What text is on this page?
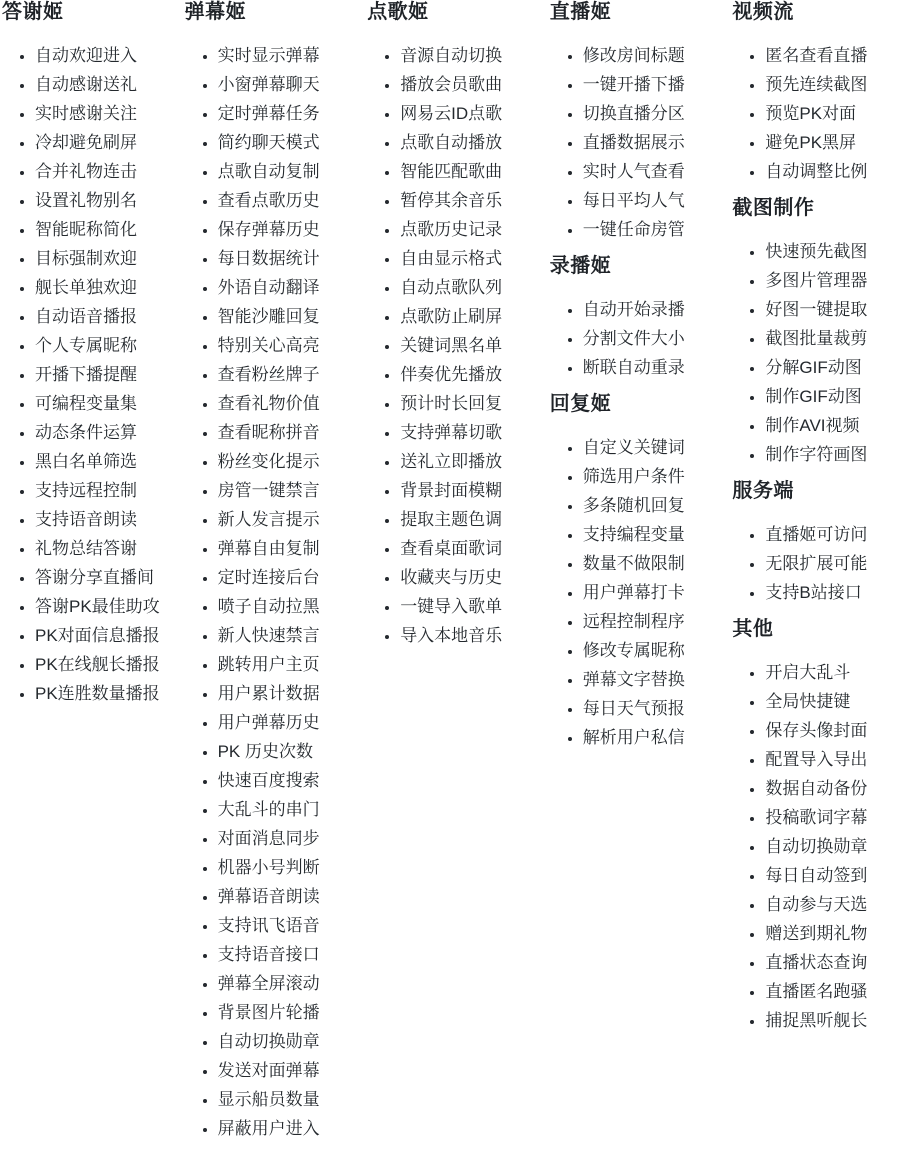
答谢姬
• 自动欢迎进入
• 自动感谢送礼
• 实时感谢关注
• 冷却避免刷屏
• 合并礼物连击
• 设置礼物别名
• 智能昵称简化
• 目标强制欢迎
• 舰长单独欢迎
• 自动语音播报
• 个人专属昵称
• 开播下播提醒
• 可编程变量集
• 动态条件运算
• 黑白名单筛选
• 支持远程控制
• 支持语音朗读
• 礼物总结答谢
• 答谢分享直播间
• 答谢PK最佳助攻
• PK对面信息播报
• PK在线舰长播报
• PK连胜数量播报
弹幕姬
• 实时显示弹幕
• 小窗弹幕聊天
• 定时弹幕任务
• 简约聊天模式
• 点歌自动复制
• 查看点歌历史
• 保存弹幕历史
• 每日数据统计
• 外语自动翻译
• 智能沙雕回复
• 特别关心高亮
• 查看粉丝牌子
• 查看礼物价值
• 查看昵称拼音
• 粉丝变化提示
• 房管一键禁言
• 新人发言提示
• 弹幕自由复制
• 定时连接后台
• 喷子自动拉黑
• 新人快速禁言
• 跳转用户主页
• 用户累计数据
• 用户弹幕历史
• PK 历史次数
• 快速百度搜索
• 大乱斗的串门
• 对面消息同步
• 机器小号判断
• 弹幕语音朗读
• 支持讯飞语音
• 支持语音接口
• 弹幕全屏滚动
• 背景图片轮播
• 自动切换勋章
• 发送对面弹幕
• 显示船员数量
• 屏蔽用户进入
点歌姬
• 音源自动切换
• 播放会员歌曲
• 网易云ID点歌
• 点歌自动播放
• 智能匹配歌曲
• 暂停其余音乐
• 点歌历史记录
• 自由显示格式
• 自动点歌队列
• 点歌防止刷屏
• 关键词黑名单
• 伴奏优先播放
• 预计时长回复
• 支持弹幕切歌
• 送礼立即播放
• 背景封面模糊
• 提取主题色调
• 查看桌面歌词
• 收藏夹与历史
• 一键导入歌单
• 导入本地音乐
直播姬
• 修改房间标题
• 一键开播下播
• 切换直播分区
• 直播数据展示
• 实时人气查看
• 每日平均人气
• 一键任命房管
录播姬
• 自动开始录播
• 分割文件大小
• 断联自动重录
回复姬
• 自定义关键词
• 筛选用户条件
• 多条随机回复
• 支持编程变量
• 数量不做限制
• 用户弹幕打卡
• 远程控制程序
• 修改专属昵称
• 弹幕文字替换
• 每日天气预报
• 解析用户私信
视频流
• 匿名查看直播
• 预先连续截图
• 预览PK对面
• 避免PK黑屏
• 自动调整比例
截图制作
• 快速预先截图
• 多图片管理器
• 好图一键提取
• 截图批量裁剪
• 分解GIF动图
• 制作GIF动图
• 制作AVI视频
• 制作字符画图
服务端
• 直播姬可访问
• 无限扩展可能
• 支持B站接口
其他
• 开启大乱斗
• 全局快捷键
• 保存头像封面
• 配置导入导出
• 数据自动备份
• 投稿歌词字幕
• 自动切换勋章
• 每日自动签到
• 自动参与天选
• 赠送到期礼物
• 直播状态查询
• 直播匿名跑骚
• 捕捉黑听舰长
